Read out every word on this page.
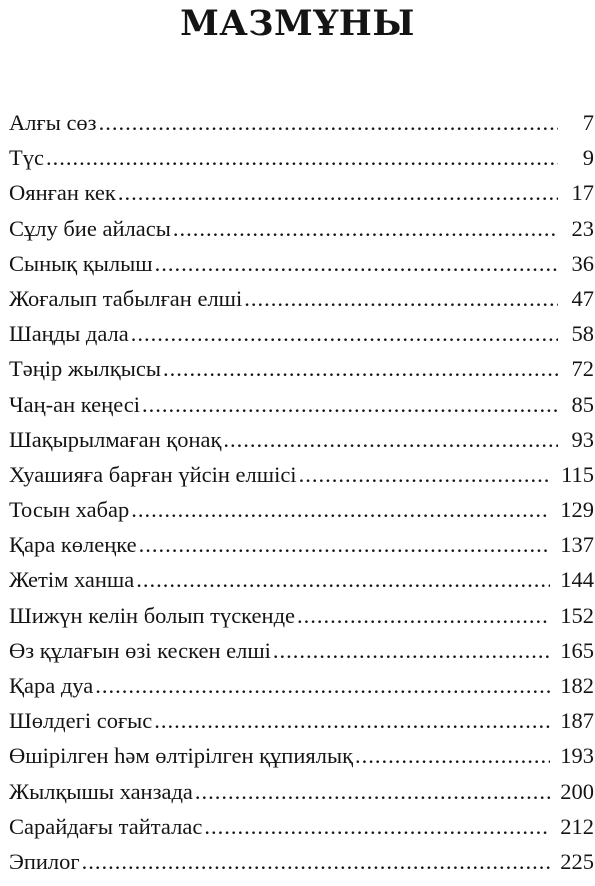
МАЗМҰНЫ
Алғы сөз .....	7
Түс .....	9
Оянған кек .....	17
Сұлу бие айласы .....	23
Сынық қылыш .....	36
Жоғалып табылған елші .....	47
Шаңды дала .....	58
Тәңір жылқысы .....	72
Чаң-ан кеңесі .....	85
Шақырылмаған қонақ .....	93
Хуашияға барған үйсін елшісі .....	115
Тосын хабар .....	129
Қара көлеңке .....	137
Жетім ханша .....	144
Шижүн келін болып түскенде .....	152
Өз құлағын өзі кескен елші .....	165
Қара дуа .....	182
Шөлдегі соғыс .....	187
Өшірілген һәм өлтірілген құпиялық .....	193
Жылқышы ханзада .....	200
Сарайдағы тайталас .....	212
Эпилог .....	225
